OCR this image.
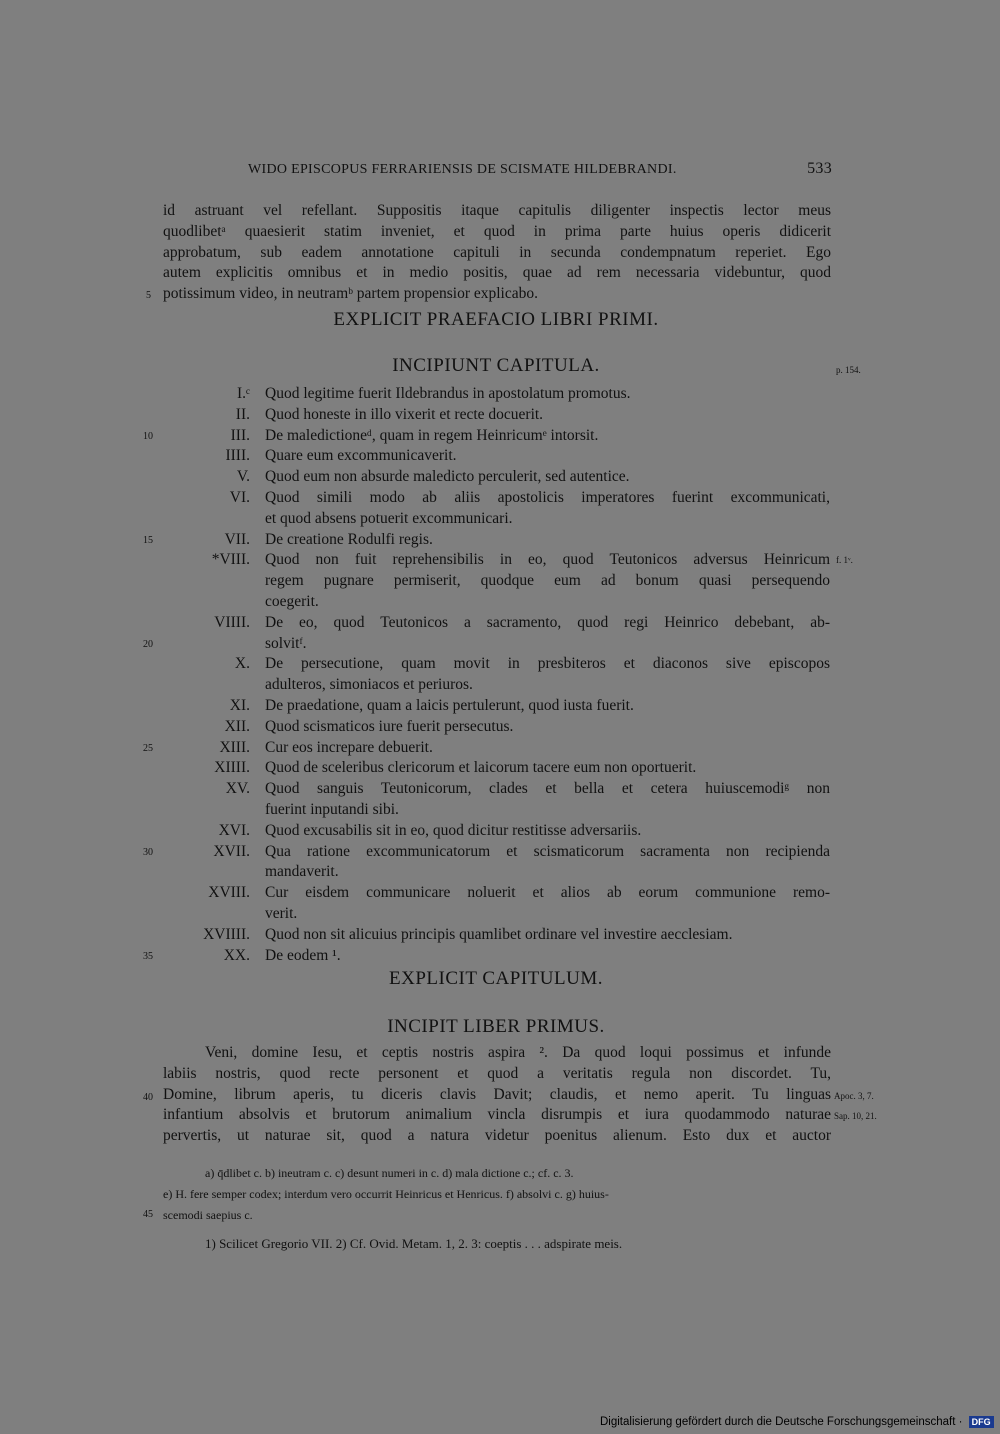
WIDO EPISCOPUS FERRARIENSIS DE SCISMATE HILDEBRANDI.	533
id astruant vel refellant. Suppositis itaque capitulis diligenter inspectis lector meus
quodlibetᵃ quaesierit statim inveniet, et quod in prima parte huius operis didicerit
approbatum, sub eadem annotatione capituli in secunda condempnatum reperiet. Ego
autem explicitis omnibus et in medio positis, quae ad rem necessaria videbuntur, quod
potissimum video, in neutramᵇ partem propensior explicabo.
EXPLICIT PRAEFACIO LIBRI PRIMI.
INCIPIUNT CAPITULA.	p. 154.
I.ᶜ Quod legitime fuerit Ildebrandus in apostolatum promotus.
II. Quod honeste in illo vixerit et recte docuerit.
III. De maledictioneᵈ, quam in regem Heinricumᵉ intorsit.
IIII. Quare eum excommunicaverit.
V. Quod eum non absurde maledicto perculerit, sed autentice.
VI. Quod simili modo ab aliis apostolicis imperatores fuerint excommunicati,
et quod absens potuerit excommunicari.
VII. De creatione Rodulfi regis.
*VIII. Quod non fuit reprehensibilis in eo, quod Teutonicos adversus Heinricum
regem pugnare permiserit, quodque eum ad bonum quasi persequendo
coegerit.
VIIII. De eo, quod Teutonicos a sacramento, quod regi Heinrico debebant, ab-
solvitᶠ.
X. De persecutione, quam movit in presbiteros et diaconos sive episcopos
adulteros, simoniacos et periuros.
XI. De praedatione, quam a laicis pertulerunt, quod iusta fuerit.
XII. Quod scismaticos iure fuerit persecutus.
XIII. Cur eos increpare debuerit.
XIIII. Quod de sceleribus clericorum et laicorum tacere eum non oportuerit.
XV. Quod sanguis Teutonicorum, clades et bella et cetera huiuscemodiᵍ non
fuerint inputandi sibi.
XVI. Quod excusabilis sit in eo, quod dicitur restitisse adversariis.
XVII. Qua ratione excommunicatorum et scismaticorum sacramenta non recipienda
mandaverit.
XVIII. Cur eisdem communicare noluerit et alios ab eorum communione remo-
verit.
XVIIII. Quod non sit alicuius principis quamlibet ordinare vel investire aecclesiam.
XX. De eodem ¹.
f. 1ᵛ.
EXPLICIT CAPITULUM.
INCIPIT LIBER PRIMUS.
Veni, domine Iesu, et ceptis nostris aspira ². Da quod loqui possimus et infunde
labiis nostris, quod recte personent et quod a veritatis regula non discordet. Tu,
Domine, librum aperis, tu diceris clavis Davit; claudis, et nemo aperit. Tu linguas
infantium absolvis et brutorum animalium vincla disrumpis et iura quodammodo naturae
pervertis, ut naturae sit, quod a natura videtur poenitus alienum. Esto dux et auctor
Apoc. 3, 7.
Sap. 10, 21.
5
10
15
20
25
30
35
40
45
a) q̄dlibet c. b) ineutram c. c) desunt numeri in c. d) mala dictione c.; cf. c. 3.
e) H. fere semper codex; interdum vero occurrit Heinricus et Henricus. f) absolvi c. g) huius-
scemodi saepius c.
1) Scilicet Gregorio VII. 2) Cf. Ovid. Metam. 1, 2. 3: coeptis . . . adspirate meis.
Digitalisierung gefördert durch die Deutsche Forschungsgemeinschaft · DFG
